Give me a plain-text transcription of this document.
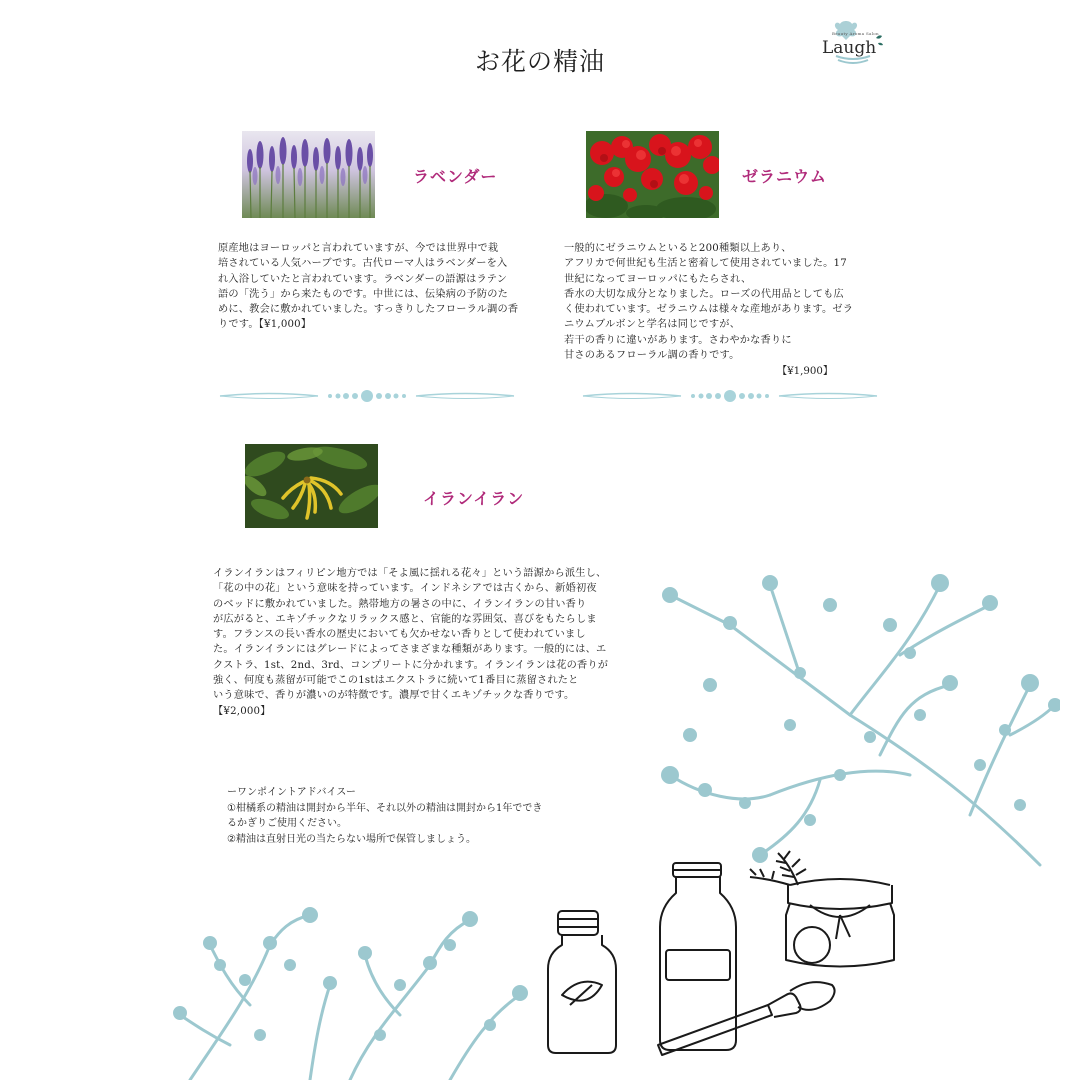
お花の精油
Beauty Aroma Salon
Laugh
ラベンダー
原産地はヨーロッパと言われていますが、今では世界中で栽
培されている人気ハーブです。古代ローマ人はラベンダーを入
れ入浴していたと言われています。ラベンダーの語源はラテン
語の「洗う」から来たものです。中世には、伝染病の予防のた
めに、教会に敷かれていました。すっきりしたフローラル調の香
りです。【¥1,000】
ゼラニウム
一般的にゼラニウムといると200種類以上あり、
アフリカで何世紀も生活と密着して使用されていました。17
世紀になってヨーロッパにもたらされ、
香水の大切な成分となりました。ローズの代用品としても広
く使われています。ゼラニウムは様々な産地があります。ゼラ
ニウムブルボンと学名は同じですが、
若干の香りに違いがあります。さわやかな香りに
甘さのあるフローラル調の香りです。
【¥1,900】
イランイラン
イランイランはフィリピン地方では「そよ風に揺れる花々」という語源から派生し、
「花の中の花」という意味を持っています。インドネシアでは古くから、新婚初夜
のベッドに敷かれていました。熱帯地方の暑さの中に、イランイランの甘い香り
が広がると、エキゾチックなリラックス感と、官能的な雰囲気、喜びをもたらしま
す。フランスの長い香水の歴史においても欠かせない香りとして使われていまし
た。イランイランにはグレードによってさまざまな種類があります。一般的には、エ
クストラ、1st、2nd、3rd、コンプリートに分かれます。イランイランは花の香りが
強く、何度も蒸留が可能でこの1stはエクストラに続いて1番目に蒸留されたと
いう意味で、香りが濃いのが特徴です。濃厚で甘くエキゾチックな香りです。
【¥2,000】
ーワンポイントアドバイスー
①柑橘系の精油は開封から半年、それ以外の精油は開封から1年ででき
るかぎりご使用ください。
②精油は直射日光の当たらない場所で保管しましょう。
